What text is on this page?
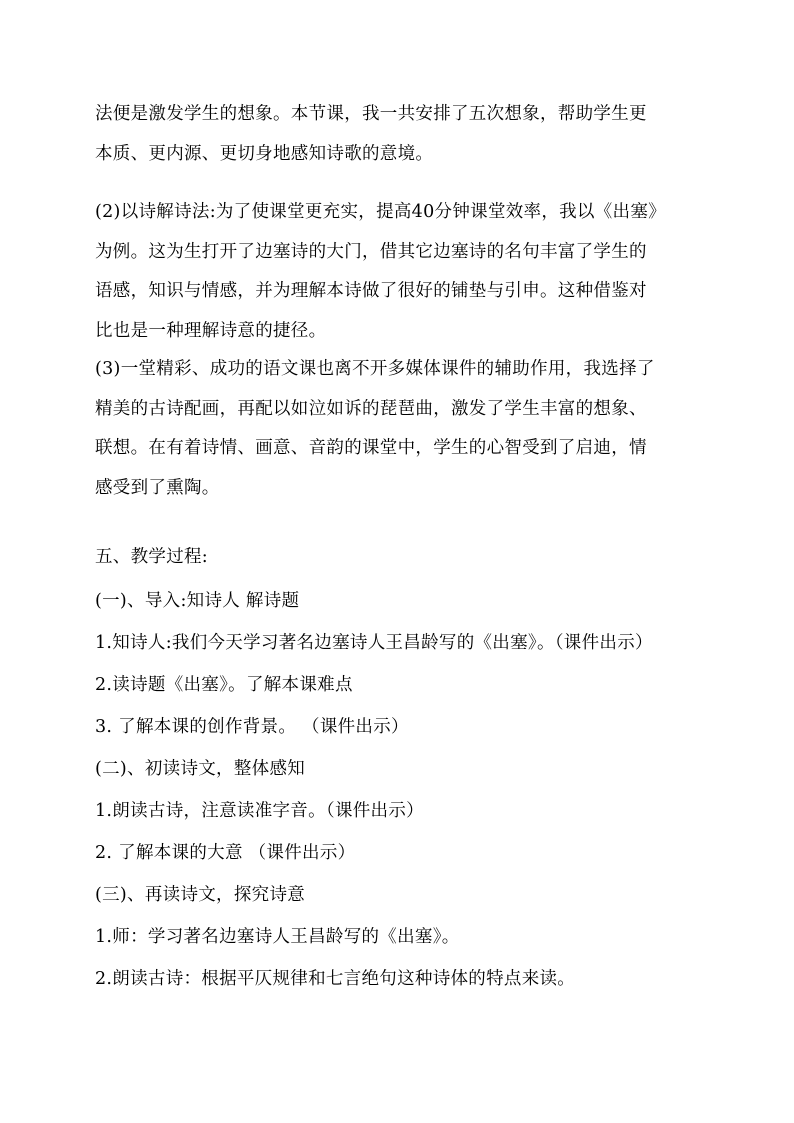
法便是激发学生的想象。本节课，我一共安排了五次想象，帮助学生更
本质、更内源、更切身地感知诗歌的意境。

(2)以诗解诗法:为了使课堂更充实，提高40分钟课堂效率，我以《出塞》
为例。这为生打开了边塞诗的大门，借其它边塞诗的名句丰富了学生的
语感，知识与情感，并为理解本诗做了很好的铺垫与引申。这种借鉴对
比也是一种理解诗意的捷径。

(3)一堂精彩、成功的语文课也离不开多媒体课件的辅助作用，我选择了
精美的古诗配画，再配以如泣如诉的琵琶曲，激发了学生丰富的想象、
联想。在有着诗情、画意、音韵的课堂中，学生的心智受到了启迪，情
感受到了熏陶。

五、教学过程:

(一)、导入:知诗人 解诗题

1.知诗人:我们今天学习著名边塞诗人王昌龄写的《出塞》。（课件出示）

2.读诗题《出塞》。了解本课难点

3. 了解本课的创作背景。 （课件出示）

(二)、初读诗文，整体感知

1.朗读古诗，注意读准字音。（课件出示）

2. 了解本课的大意 （课件出示）

(三)、再读诗文，探究诗意

1.师：学习著名边塞诗人王昌龄写的《出塞》。

2.朗读古诗：根据平仄规律和七言绝句这种诗体的特点来读。
